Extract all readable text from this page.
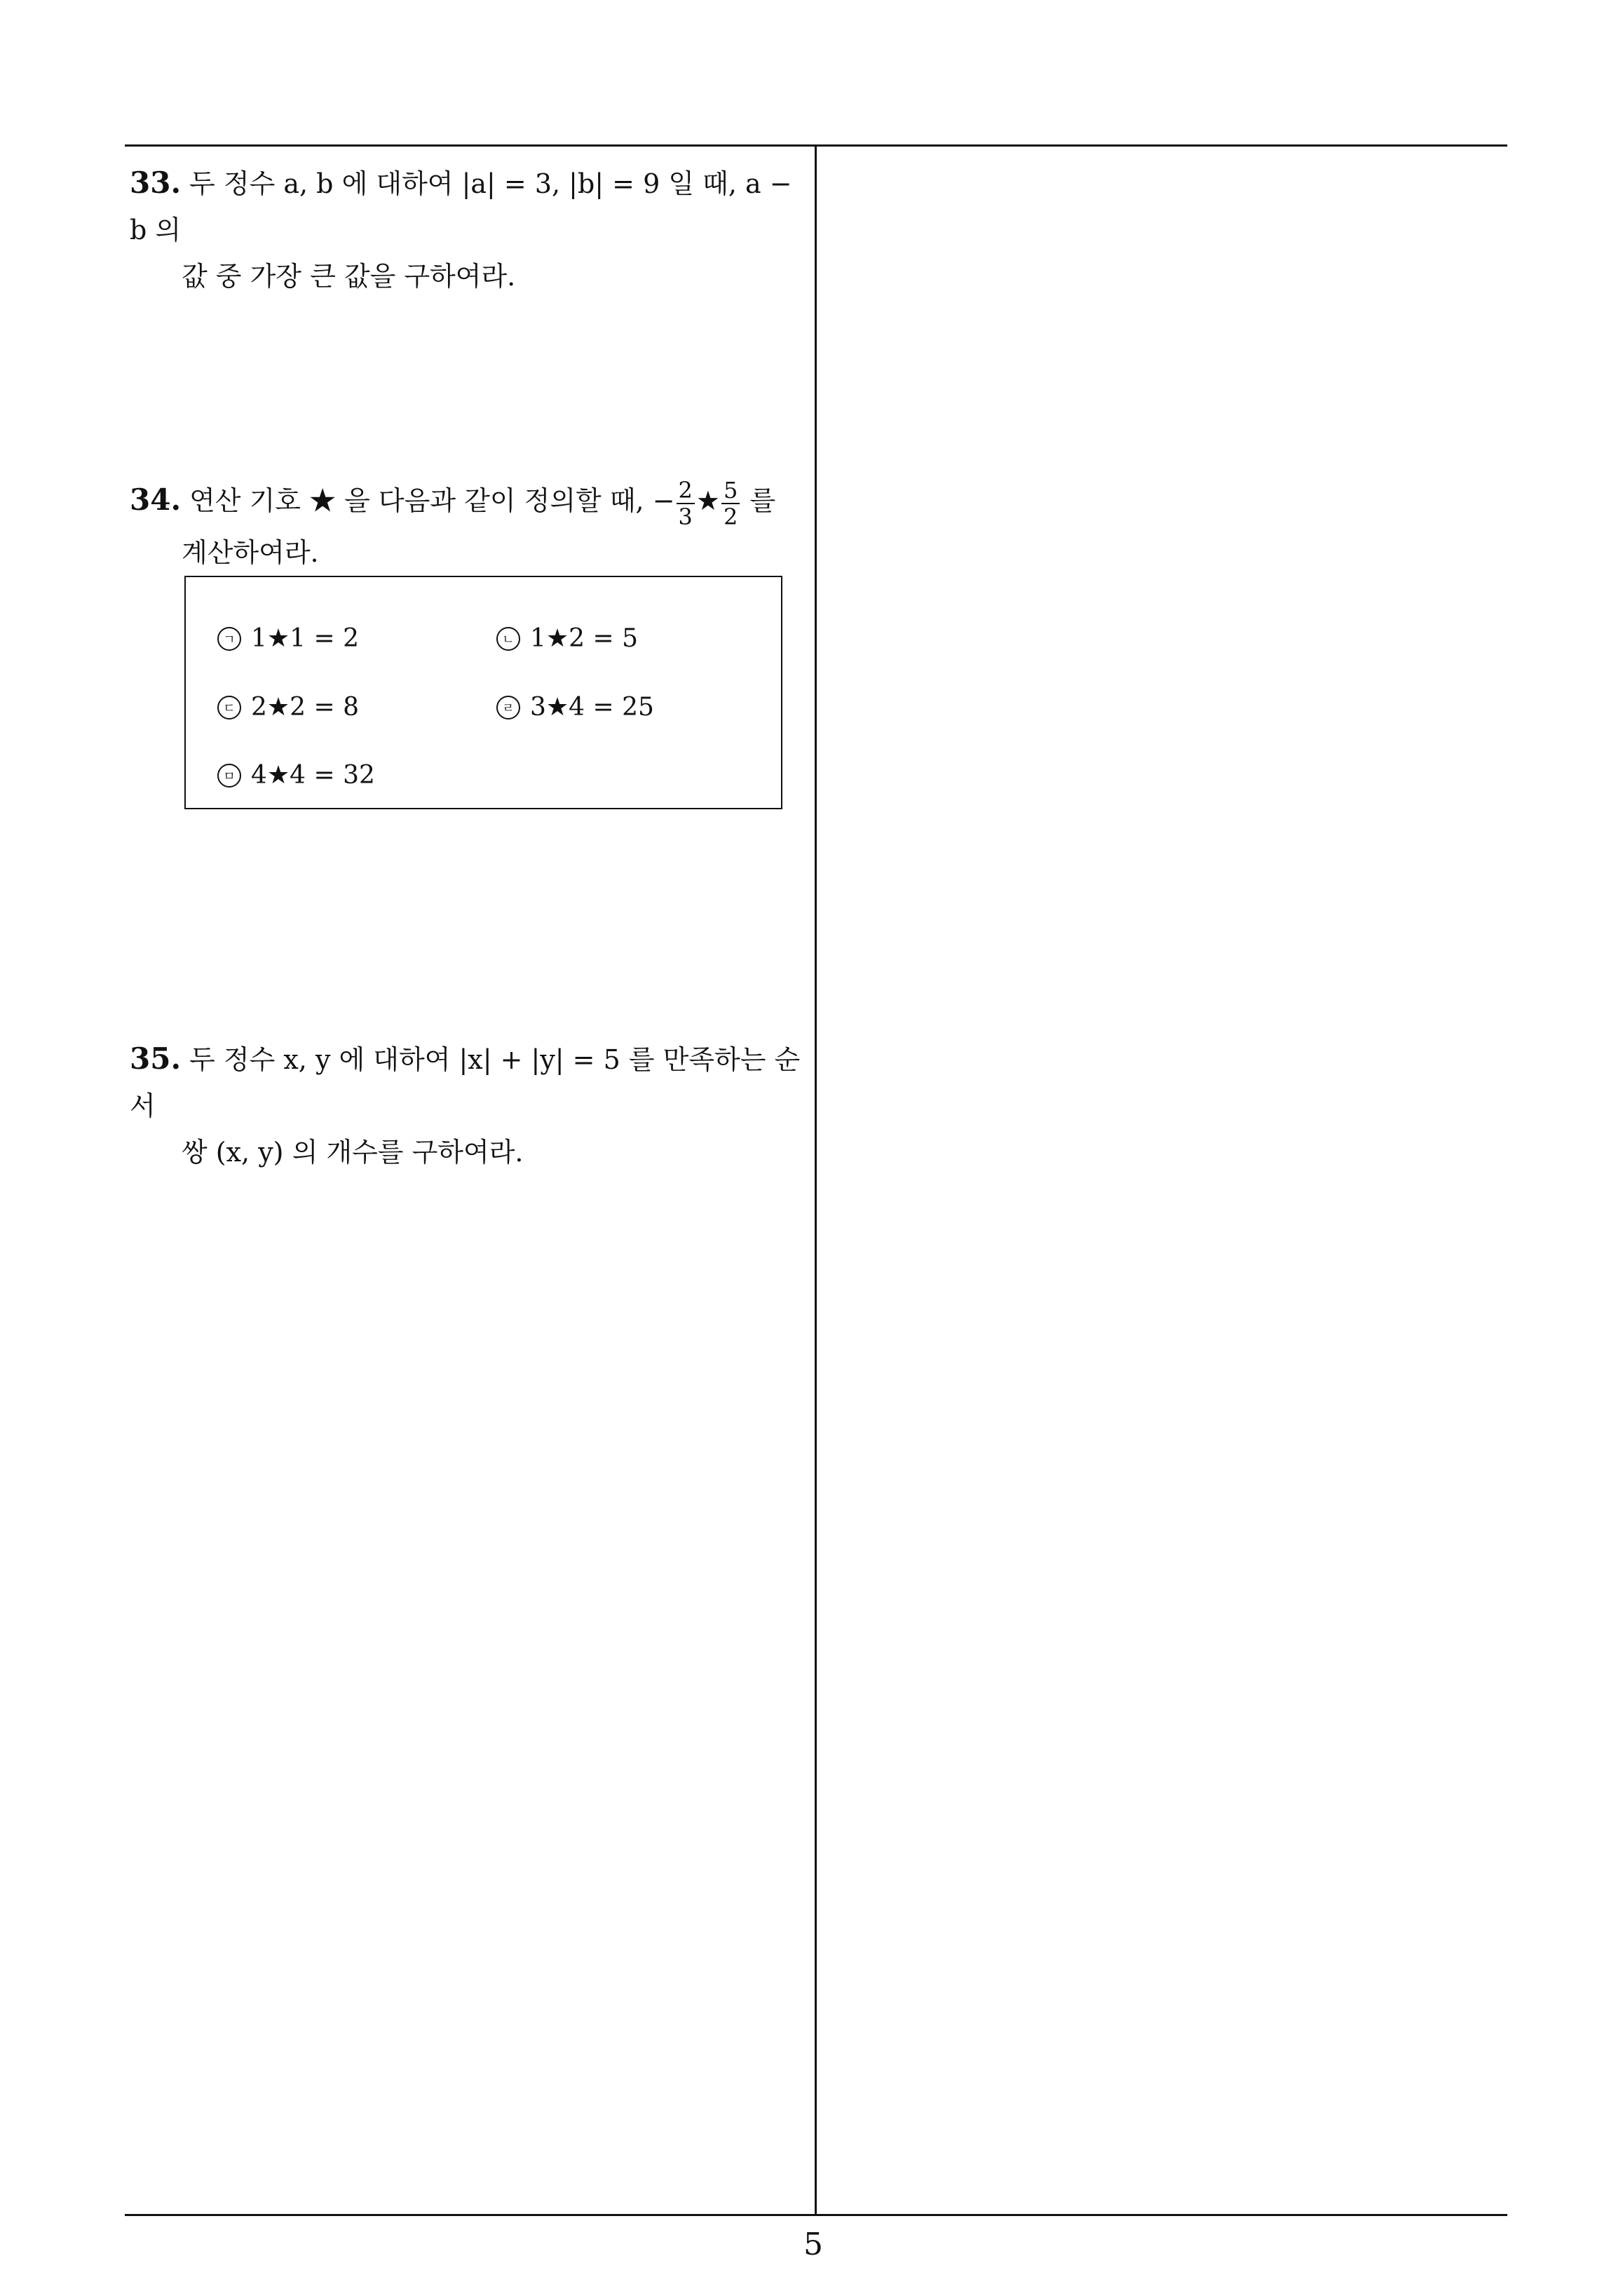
33. 두 정수 a, b 에 대하여 |a| = 3, |b| = 9 일 때, a − b 의
값 중 가장 큰 값을 구하여라.
34. 연산 기호 ★ 을 다음과 같이 정의할 때, − $\frac{2}{3}$ ★ $\frac{5}{2}$ 를
계산하여라.
ㄱ 1★1 = 2	ㄴ 1★2 = 5
ㄷ 2★2 = 8	ㄹ 3★4 = 25
ㅁ 4★4 = 32
35. 두 정수 x, y 에 대하여 |x| + |y| = 5 를 만족하는 순서
쌍 (x, y) 의 개수를 구하여라.
5
